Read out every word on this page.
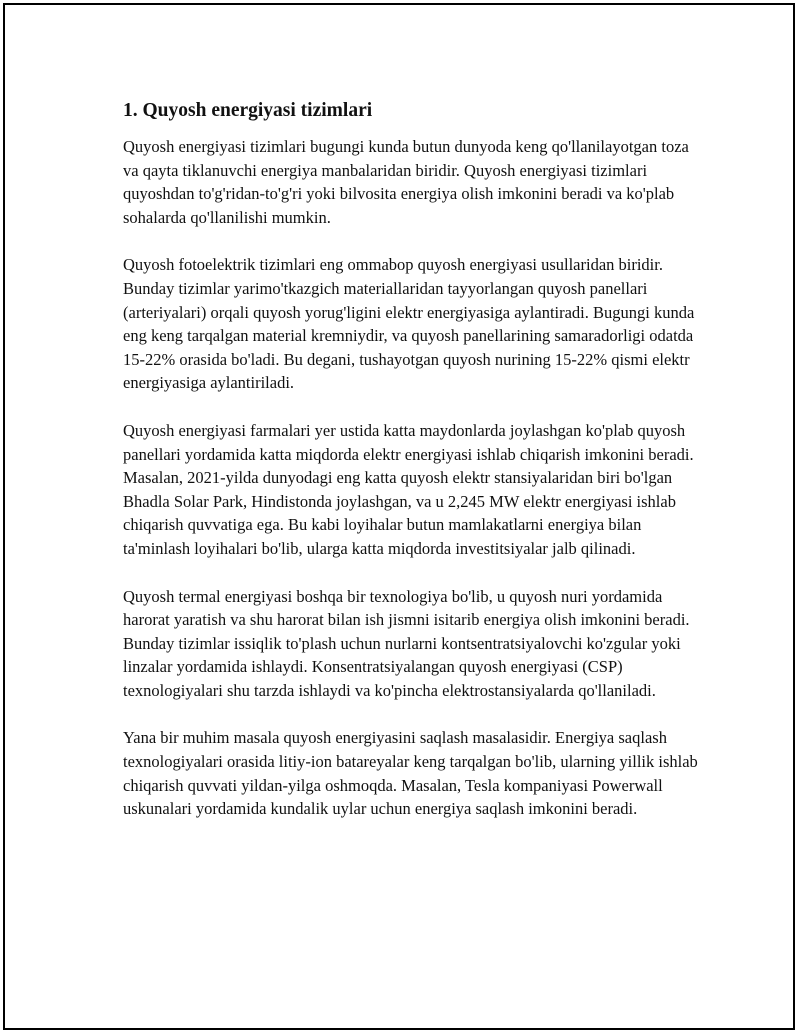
1. Quyosh energiyasi tizimlari

Quyosh energiyasi tizimlari bugungi kunda butun dunyoda keng qo'llanilayotgan toza va qayta tiklanuvchi energiya manbalaridan biridir. Quyosh energiyasi tizimlari quyoshdan to'g'ridan-to'g'ri yoki bilvosita energiya olish imkonini beradi va ko'plab sohalarda qo'llanilishi mumkin.

Quyosh fotoelektrik tizimlari eng ommabop quyosh energiyasi usullaridan biridir. Bunday tizimlar yarimo'tkazgich materiallaridan tayyorlangan quyosh panellari (arteriyalari) orqali quyosh yorug'ligini elektr energiyasiga aylantiradi. Bugungi kunda eng keng tarqalgan material kremniydir, va quyosh panellarining samaradorligi odatda 15-22% orasida bo'ladi. Bu degani, tushayotgan quyosh nurining 15-22% qismi elektr energiyasiga aylantiriladi.

Quyosh energiyasi farmalari yer ustida katta maydonlarda joylashgan ko'plab quyosh panellari yordamida katta miqdorda elektr energiyasi ishlab chiqarish imkonini beradi. Masalan, 2021-yilda dunyodagi eng katta quyosh elektr stansiyalaridan biri bo'lgan Bhadla Solar Park, Hindistonda joylashgan, va u 2,245 MW elektr energiyasi ishlab chiqarish quvvatiga ega. Bu kabi loyihalar butun mamlakatlarni energiya bilan ta'minlash loyihalari bo'lib, ularga katta miqdorda investitsiyalar jalb qilinadi.

Quyosh termal energiyasi boshqa bir texnologiya bo'lib, u quyosh nuri yordamida harorat yaratish va shu harorat bilan ish jismni isitarib energiya olish imkonini beradi. Bunday tizimlar issiqlik to'plash uchun nurlarni kontsentratsiyalovchi ko'zgular yoki linzalar yordamida ishlaydi. Konsentratsiyalangan quyosh energiyasi (CSP) texnologiyalari shu tarzda ishlaydi va ko'pincha elektrostansiyalarda qo'llaniladi.

Yana bir muhim masala quyosh energiyasini saqlash masalasidir. Energiya saqlash texnologiyalari orasida litiy-ion batareyalar keng tarqalgan bo'lib, ularning yillik ishlab chiqarish quvvati yildan-yilga oshmoqda. Masalan, Tesla kompaniyasi Powerwall uskunalari yordamida kundalik uylar uchun energiya saqlash imkonini beradi.
